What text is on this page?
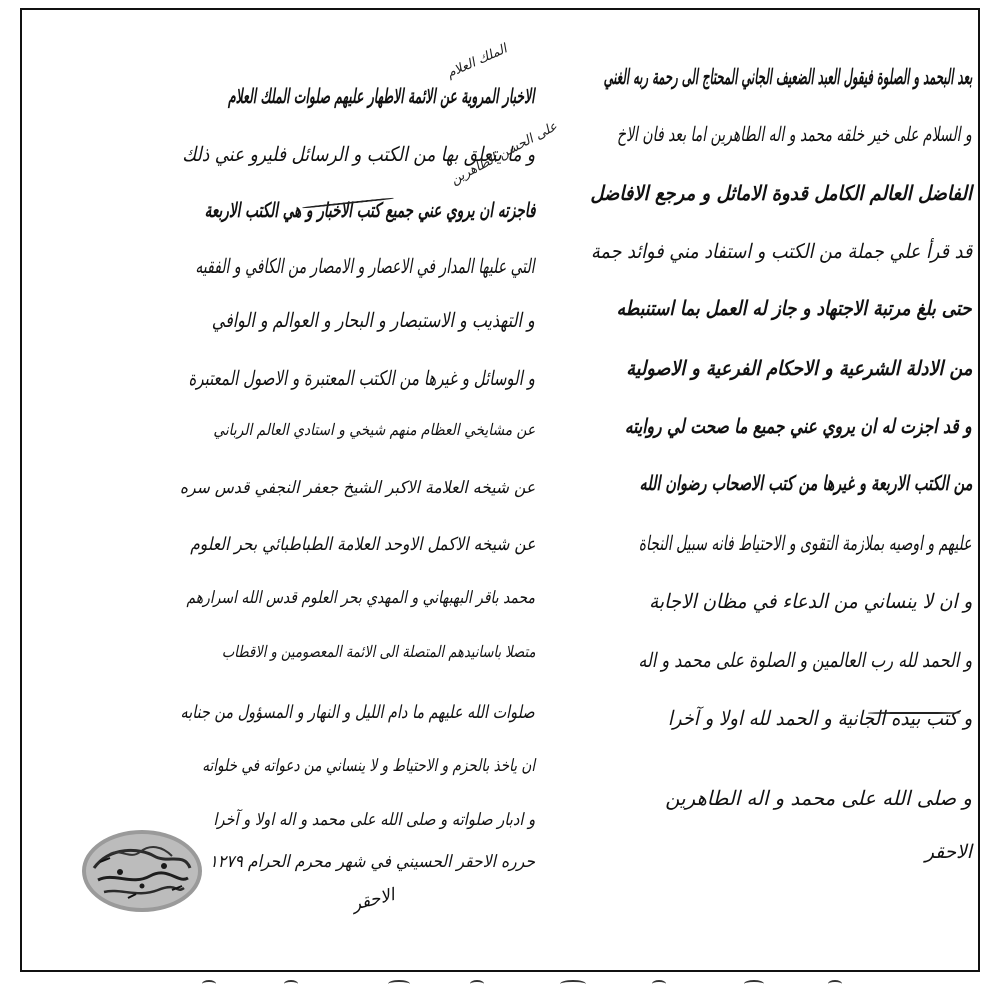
بعد البحمد و الصلوة فيقول العبد الضعيف الجاني المحتاج الى رحمة ربه الغني
و السلام على خير خلقه محمد و اله الطاهرين اما بعد فان الاخ
الفاضل العالم الكامل قدوة الاماثل و مرجع الافاضل
قد قرأ علي جملة من الكتب و استفاد مني فوائد جمة
حتى بلغ مرتبة الاجتهاد و جاز له العمل بما استنبطه
من الادلة الشرعية و الاحكام الفرعية و الاصولية
و قد اجزت له ان يروي عني جميع ما صحت لي روايته
من الكتب الاربعة و غيرها من كتب الاصحاب رضوان الله
عليهم و اوصيه بملازمة التقوى و الاحتياط فانه سبيل النجاة
و ان لا ينساني من الدعاء في مظان الاجابة
و الحمد لله رب العالمين و الصلوة على محمد و اله
و كتب بيده الجانية و الحمد لله اولا و آخرا
و صلى الله على محمد و اله الطاهرين
الاحقر
الاخبار المروية عن الائمة الاطهار عليهم صلوات الملك العلام
و ما يتعلق بها من الكتب و الرسائل فليرو عني ذلك
فاجزته ان يروي عني جميع كتب الاخبار و هي الكتب الاربعة
التي عليها المدار في الاعصار و الامصار من الكافي و الفقيه
و التهذيب و الاستبصار و البحار و العوالم و الوافي
و الوسائل و غيرها من الكتب المعتبرة و الاصول المعتبرة
عن مشايخي العظام منهم شيخي و استادي العالم الرباني
عن شيخه العلامة الاكبر الشيخ جعفر النجفي قدس سره
عن شيخه الاكمل الاوحد العلامة الطباطبائي بحر العلوم
محمد باقر البهبهاني و المهدي بحر العلوم قدس الله اسرارهم
متصلا باسانيدهم المتصلة الى الائمة المعصومين و الاقطاب
صلوات الله عليهم ما دام الليل و النهار و المسؤول من جنابه
ان ياخذ بالحزم و الاحتياط و لا ينساني من دعواته في خلواته
و ادبار صلواته و صلى الله على محمد و اله اولا و آخرا
حرره الاحقر الحسيني في شهر محرم الحرام ١٢٧٩
الملك العلام
على الحسن الطاهرين
الاحقر
